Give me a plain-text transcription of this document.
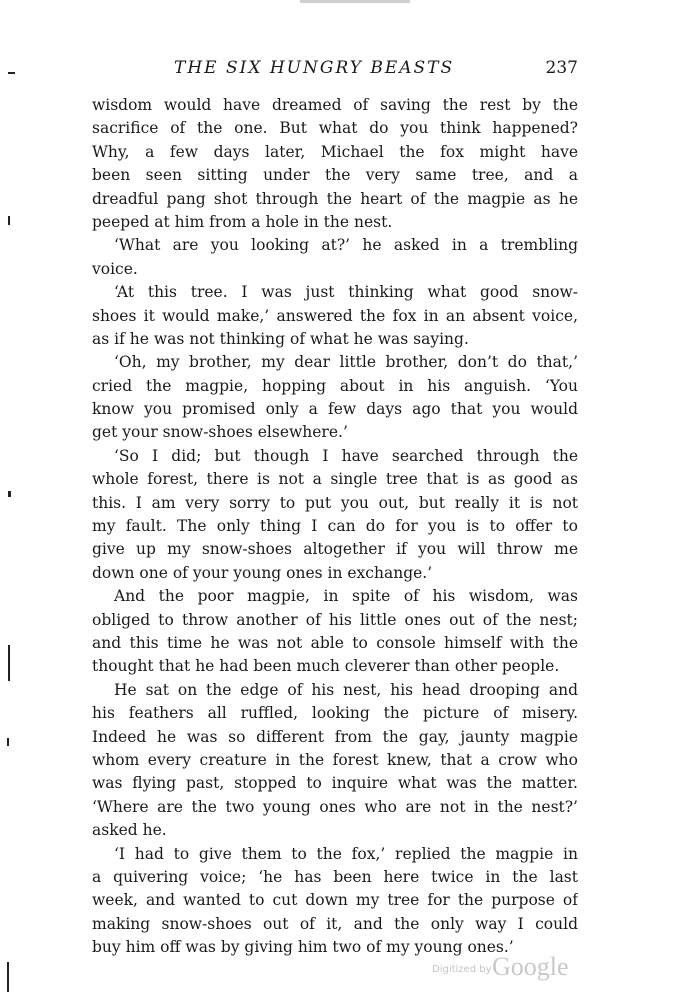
THE SIX HUNGRY BEASTS	237
wisdom would have dreamed of saving the rest by the
sacrifice of the one. But what do you think happened?
Why, a few days later, Michael the fox might have
been seen sitting under the very same tree, and a
dreadful pang shot through the heart of the magpie as he
peeped at him from a hole in the nest.
‘What are you looking at?’ he asked in a trembling
voice.
‘At this tree. I was just thinking what good snow-
shoes it would make,’ answered the fox in an absent voice,
as if he was not thinking of what he was saying.
‘Oh, my brother, my dear little brother, don’t do that,’
cried the magpie, hopping about in his anguish. ‘You
know you promised only a few days ago that you would
get your snow-shoes elsewhere.’
‘So I did; but though I have searched through the
whole forest, there is not a single tree that is as good as
this. I am very sorry to put you out, but really it is not
my fault. The only thing I can do for you is to offer to
give up my snow-shoes altogether if you will throw me
down one of your young ones in exchange.’
And the poor magpie, in spite of his wisdom, was
obliged to throw another of his little ones out of the nest;
and this time he was not able to console himself with the
thought that he had been much cleverer than other people.
He sat on the edge of his nest, his head drooping and
his feathers all ruffled, looking the picture of misery.
Indeed he was so different from the gay, jaunty magpie
whom every creature in the forest knew, that a crow who
was flying past, stopped to inquire what was the matter.
‘Where are the two young ones who are not in the nest?’
asked he.
‘I had to give them to the fox,’ replied the magpie in
a quivering voice; ‘he has been here twice in the last
week, and wanted to cut down my tree for the purpose of
making snow-shoes out of it, and the only way I could
buy him off was by giving him two of my young ones.’
Digitized by Google
